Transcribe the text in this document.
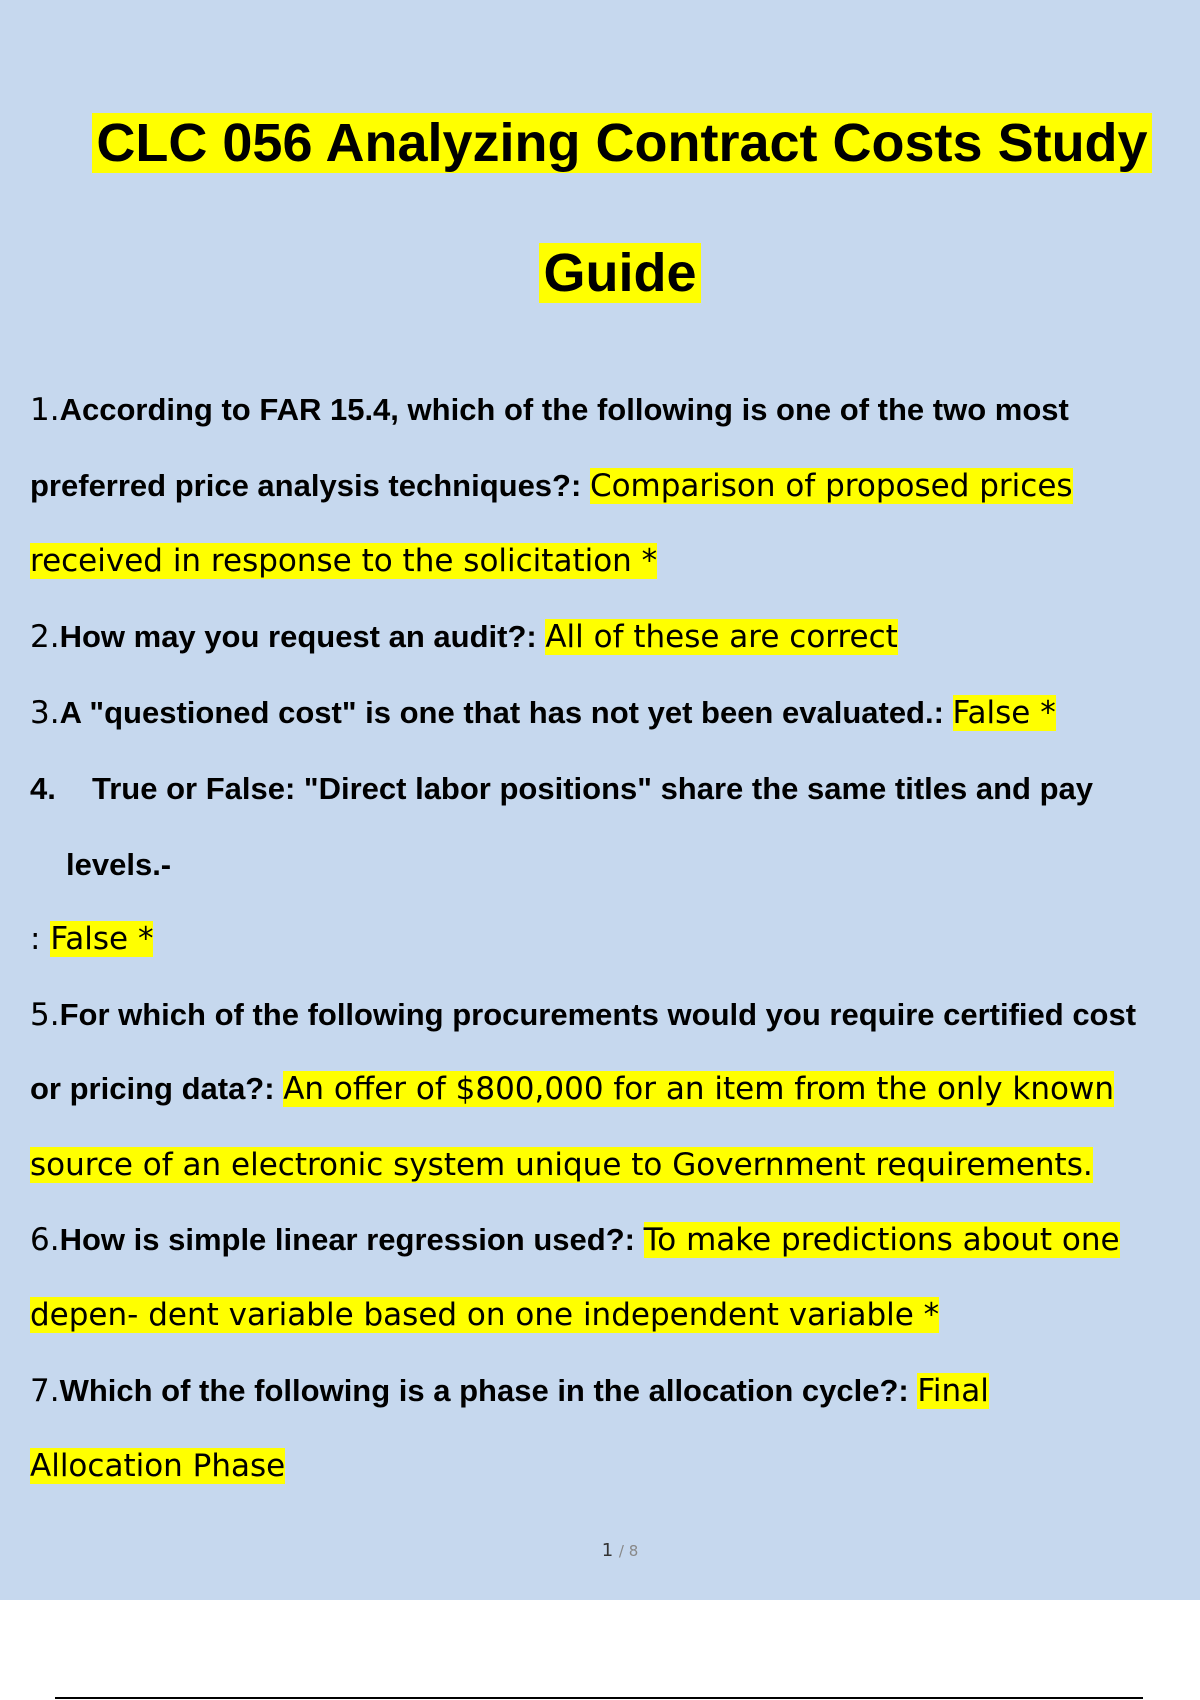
CLC 056 Analyzing Contract Costs Study
Guide
1.According to FAR 15.4, which of the following is one of the two most
preferred price analysis techniques?: Comparison of proposed prices
received in response to the solicitation *
2.How may you request an audit?: All of these are correct
3.A "questioned cost" is one that has not yet been evaluated.: False *
4. True or False: "Direct labor positions" share the same titles and pay
levels.-
: False *
5.For which of the following procurements would you require certified cost
or pricing data?: An offer of $800,000 for an item from the only known
source of an electronic system unique to Government requirements.
6.How is simple linear regression used?: To make predictions about one
depen- dent variable based on one independent variable *
7.Which of the following is a phase in the allocation cycle?: Final
Allocation Phase
1 / 8
